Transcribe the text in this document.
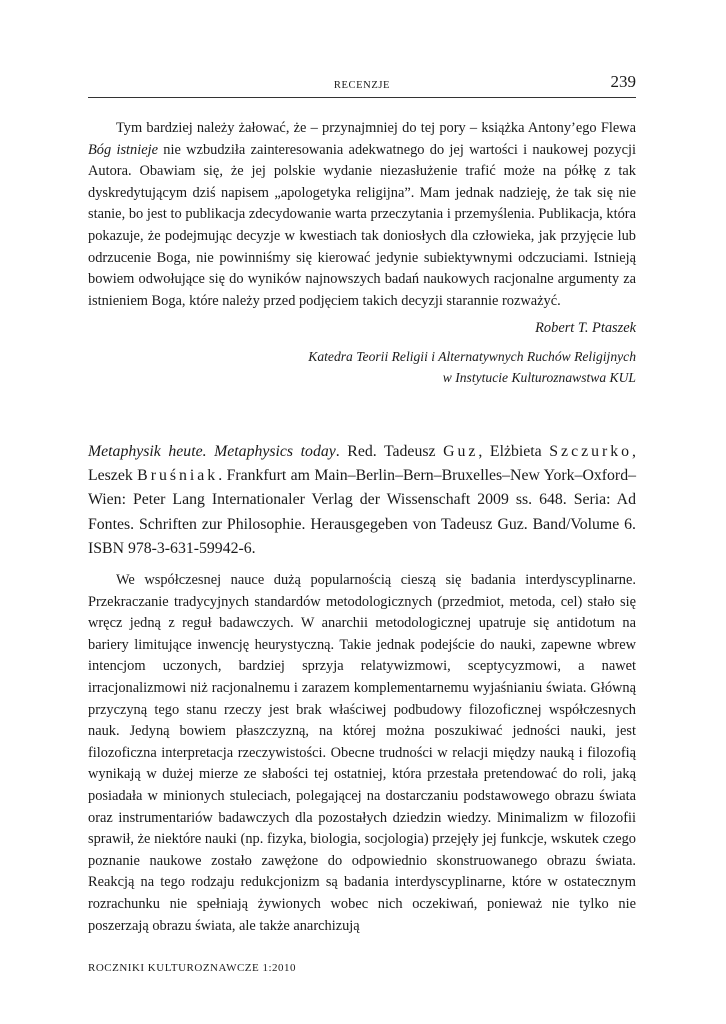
RECENZJE	239

Tym bardziej należy żałować, że – przynajmniej do tej pory – książka Antony’ego Flewa Bóg istnieje nie wzbudziła zainteresowania adekwatnego do jej wartości i naukowej pozycji Autora. Obawiam się, że jej polskie wydanie niezasłużenie trafić może na półkę z tak dyskredytującym dziś napisem „apologetyka religijna”. Mam jednak nadzieję, że tak się nie stanie, bo jest to publikacja zdecydowanie warta przeczytania i przemyślenia. Publikacja, która pokazuje, że podejmując decyzje w kwestiach tak doniosłych dla człowieka, jak przyjęcie lub odrzucenie Boga, nie powinniśmy się kierować jedynie subiektywnymi odczuciami. Istnieją bowiem odwołujące się do wyników najnowszych badań naukowych racjonalne argumenty za istnieniem Boga, które należy przed podjęciem takich decyzji starannie rozważyć.

Robert T. Ptaszek
Katedra Teorii Religii i Alternatywnych Ruchów Religijnych
w Instytucie Kulturoznawstwa KUL

Metaphysik heute. Metaphysics today. Red. Tadeusz Guz, Elżbieta Szczurko, Leszek Bruśniak. Frankfurt am Main–Berlin–Bern–Bruxelles–New York–Oxford–Wien: Peter Lang Internationaler Verlag der Wissenschaft 2009 ss. 648. Seria: Ad Fontes. Schriften zur Philosophie. Herausgegeben von Tadeusz Guz. Band/Volume 6. ISBN 978-3-631-59942-6.

We współczesnej nauce dużą popularnością cieszą się badania interdyscyplinarne. Przekraczanie tradycyjnych standardów metodologicznych (przedmiot, metoda, cel) stało się wręcz jedną z reguł badawczych. W anarchii metodologicznej upatruje się antidotum na bariery limitujące inwencję heurystyczną. Takie jednak podejście do nauki, zapewne wbrew intencjom uczonych, bardziej sprzyja relatywizmowi, sceptycyzmowi, a nawet irracjonalizmowi niż racjonalnemu i zarazem komplementarnemu wyjaśnianiu świata. Główną przyczyną tego stanu rzeczy jest brak właściwej podbudowy filozoficznej współczesnych nauk. Jedyną bowiem płaszczyzną, na której można poszukiwać jedności nauki, jest filozoficzna interpretacja rzeczywistości. Obecne trudności w relacji między nauką i filozofią wynikają w dużej mierze ze słabości tej ostatniej, która przestała pretendować do roli, jaką posiadała w minionych stuleciach, polegającej na dostarczaniu podstawowego obrazu świata oraz instrumentariów badawczych dla pozostałych dziedzin wiedzy. Minimalizm w filozofii sprawił, że niektóre nauki (np. fizyka, biologia, socjologia) przejęły jej funkcje, wskutek czego poznanie naukowe zostało zawężone do odpowiednio skonstruowanego obrazu świata. Reakcją na tego rodzaju redukcjonizm są badania interdyscyplinarne, które w ostatecznym rozrachunku nie spełniają żywionych wobec nich oczekiwań, ponieważ nie tylko nie poszerzają obrazu świata, ale także anarchizują

ROCZNIKI KULTUROZNAWCZE 1:2010
